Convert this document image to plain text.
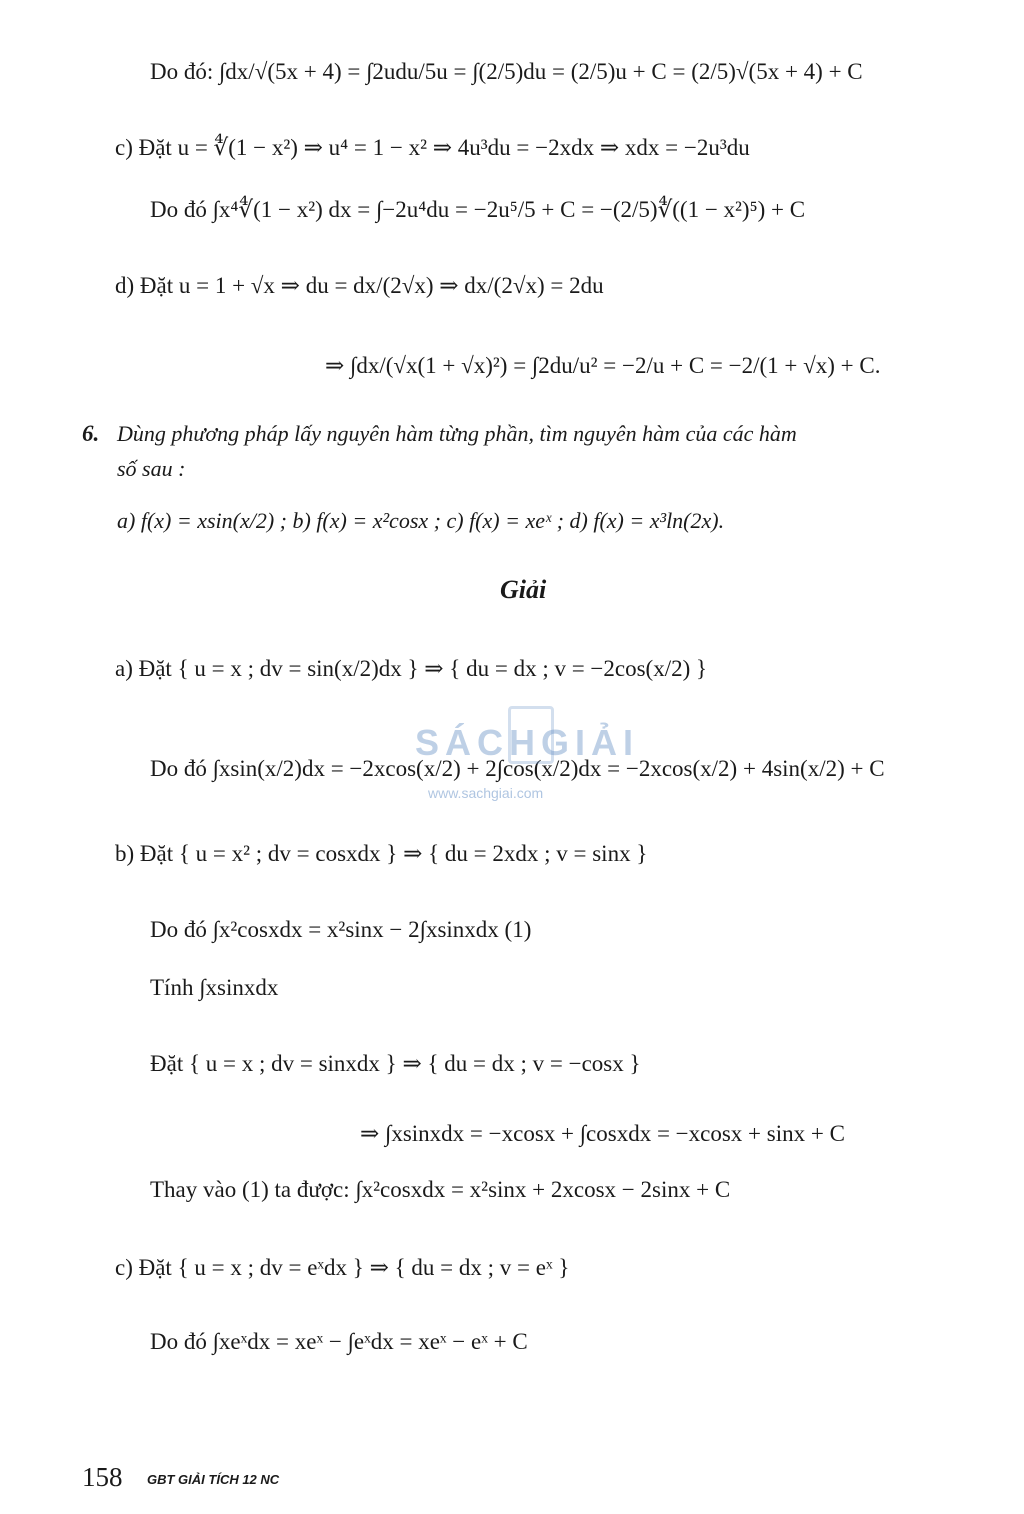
Do đó: ∫dx/√(5x + 4) = ∫2udu/5u = ∫(2/5)du = (2/5)u + C = (2/5)√(5x + 4) + C
c) Đặt u = ∜(1 − x²) ⇒ u⁴ = 1 − x² ⇒ 4u³du = −2xdx ⇒ xdx = −2u³du
Do đó ∫x⁴∜(1 − x²) dx = ∫−2u⁴du = −2u⁵/5 + C = −(2/5)∜((1 − x²)⁵) + C
d) Đặt u = 1 + √x ⇒ du = dx/(2√x) ⇒ dx/(2√x) = 2du
⇒ ∫dx/(√x(1 + √x)²) = ∫2du/u² = −2/u + C = −2/(1 + √x) + C.
6. Dùng phương pháp lấy nguyên hàm từng phần, tìm nguyên hàm của các hàm
số sau :
a) f(x) = xsin(x/2) ; b) f(x) = x²cosx ; c) f(x) = xeˣ ; d) f(x) = x³ln(2x).
Giải
a) Đặt { u = x ; dv = sin(x/2)dx } ⇒ { du = dx ; v = −2cos(x/2) }
Do đó ∫xsin(x/2)dx = −2xcos(x/2) + 2∫cos(x/2)dx = −2xcos(x/2) + 4sin(x/2) + C
b) Đặt { u = x² ; dv = cosxdx } ⇒ { du = 2xdx ; v = sinx }
Do đó ∫x²cosxdx = x²sinx − 2∫xsinxdx (1)
Tính ∫xsinxdx
Đặt { u = x ; dv = sinxdx } ⇒ { du = dx ; v = −cosx }
⇒ ∫xsinxdx = −xcosx + ∫cosxdx = −xcosx + sinx + C
Thay vào (1) ta được: ∫x²cosxdx = x²sinx + 2xcosx − 2sinx + C
c) Đặt { u = x ; dv = eˣdx } ⇒ { du = dx ; v = eˣ }
Do đó ∫xeˣdx = xeˣ − ∫eˣdx = xeˣ − eˣ + C
SÁCHGIẢI
www.sachgiai.com
158 GBT GIẢI TÍCH 12 NC
